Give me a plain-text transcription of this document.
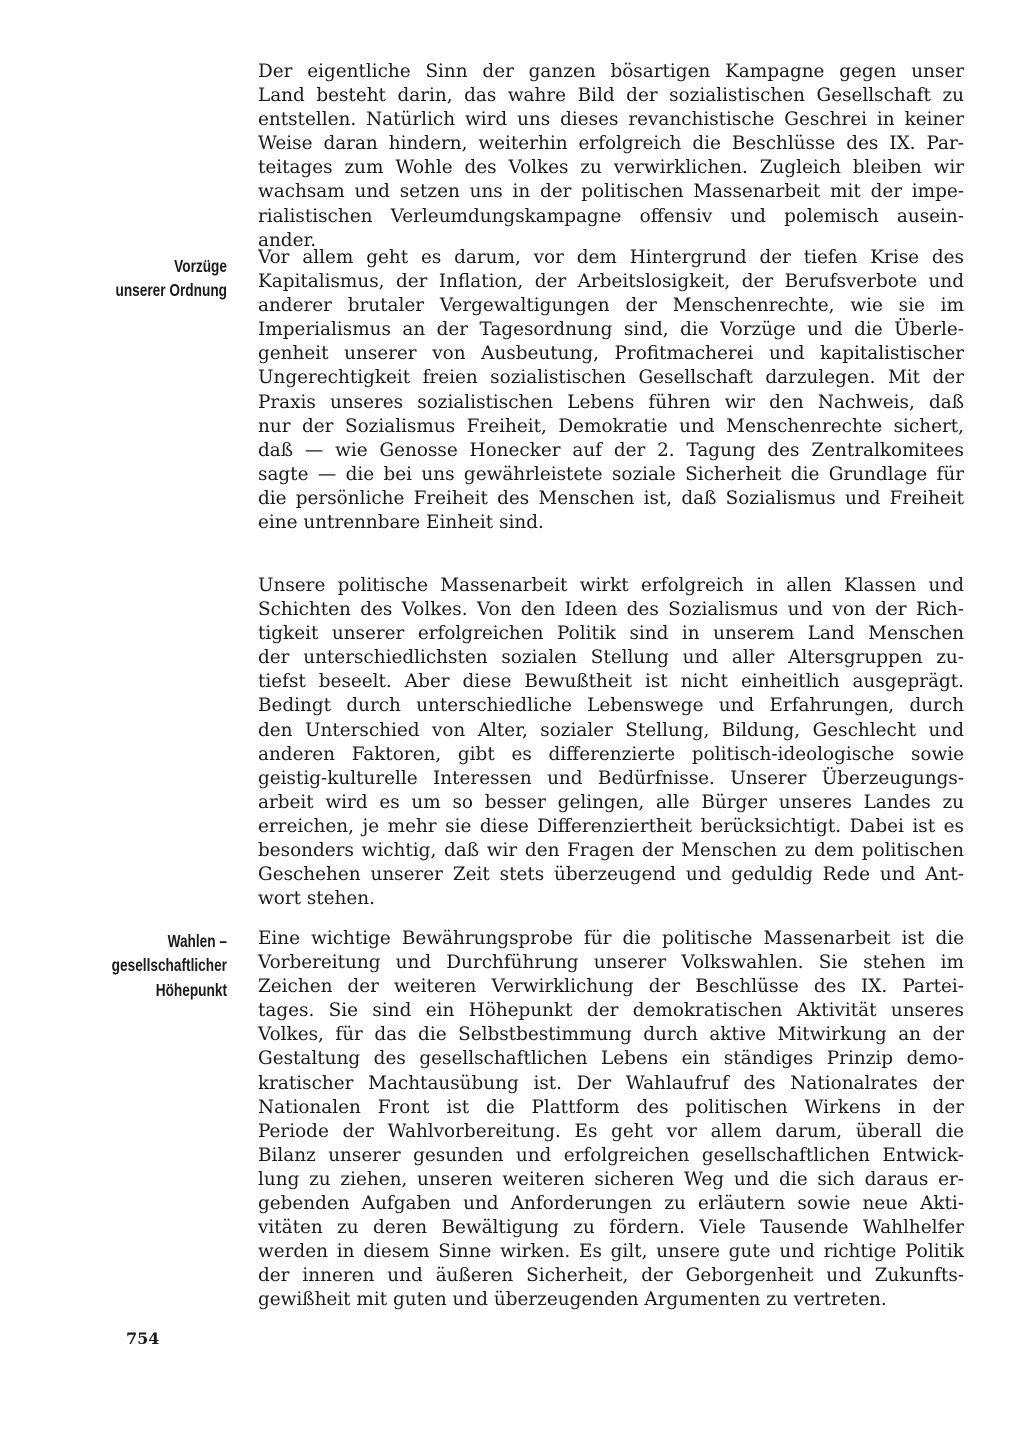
Der eigentliche Sinn der ganzen bösartigen Kampagne gegen unser
Land besteht darin, das wahre Bild der sozialistischen Gesellschaft zu
entstellen. Natürlich wird uns dieses revanchistische Geschrei in keiner
Weise daran hindern, weiterhin erfolgreich die Beschlüsse des IX. Par-
teitages zum Wohle des Volkes zu verwirklichen. Zugleich bleiben wir
wachsam und setzen uns in der politischen Massenarbeit mit der impe-
rialistischen Verleumdungskampagne offensiv und polemisch ausein-
ander.
Vor allem geht es darum, vor dem Hintergrund der tiefen Krise des
Kapitalismus, der Inflation, der Arbeitslosigkeit, der Berufsverbote und
anderer brutaler Vergewaltigungen der Menschenrechte, wie sie im
Imperialismus an der Tagesordnung sind, die Vorzüge und die Überle-
genheit unserer von Ausbeutung, Profitmacherei und kapitalistischer
Ungerechtigkeit freien sozialistischen Gesellschaft darzulegen. Mit der
Praxis unseres sozialistischen Lebens führen wir den Nachweis, daß
nur der Sozialismus Freiheit, Demokratie und Menschenrechte sichert,
daß — wie Genosse Honecker auf der 2. Tagung des Zentralkomitees
sagte — die bei uns gewährleistete soziale Sicherheit die Grundlage für
die persönliche Freiheit des Menschen ist, daß Sozialismus und Freiheit
eine untrennbare Einheit sind.
Unsere politische Massenarbeit wirkt erfolgreich in allen Klassen und
Schichten des Volkes. Von den Ideen des Sozialismus und von der Rich-
tigkeit unserer erfolgreichen Politik sind in unserem Land Menschen
der unterschiedlichsten sozialen Stellung und aller Altersgruppen zu-
tiefst beseelt. Aber diese Bewußtheit ist nicht einheitlich ausgeprägt.
Bedingt durch unterschiedliche Lebenswege und Erfahrungen, durch
den Unterschied von Alter, sozialer Stellung, Bildung, Geschlecht und
anderen Faktoren, gibt es differenzierte politisch-ideologische sowie
geistig-kulturelle Interessen und Bedürfnisse. Unserer Überzeugungs-
arbeit wird es um so besser gelingen, alle Bürger unseres Landes zu
erreichen, je mehr sie diese Differenziertheit berücksichtigt. Dabei ist es
besonders wichtig, daß wir den Fragen der Menschen zu dem politischen
Geschehen unserer Zeit stets überzeugend und geduldig Rede und Ant-
wort stehen.
Eine wichtige Bewährungsprobe für die politische Massenarbeit ist die
Vorbereitung und Durchführung unserer Volkswahlen. Sie stehen im
Zeichen der weiteren Verwirklichung der Beschlüsse des IX. Partei-
tages. Sie sind ein Höhepunkt der demokratischen Aktivität unseres
Volkes, für das die Selbstbestimmung durch aktive Mitwirkung an der
Gestaltung des gesellschaftlichen Lebens ein ständiges Prinzip demo-
kratischer Machtausübung ist. Der Wahlaufruf des Nationalrates der
Nationalen Front ist die Plattform des politischen Wirkens in der
Periode der Wahlvorbereitung. Es geht vor allem darum, überall die
Bilanz unserer gesunden und erfolgreichen gesellschaftlichen Entwick-
lung zu ziehen, unseren weiteren sicheren Weg und die sich daraus er-
gebenden Aufgaben und Anforderungen zu erläutern sowie neue Akti-
vitäten zu deren Bewältigung zu fördern. Viele Tausende Wahlhelfer
werden in diesem Sinne wirken. Es gilt, unsere gute und richtige Politik
der inneren und äußeren Sicherheit, der Geborgenheit und Zukunfts-
gewißheit mit guten und überzeugenden Argumenten zu vertreten.
Vorzüge
unserer Ordnung
Wahlen –
gesellschaftlicher
Höhepunkt
754
